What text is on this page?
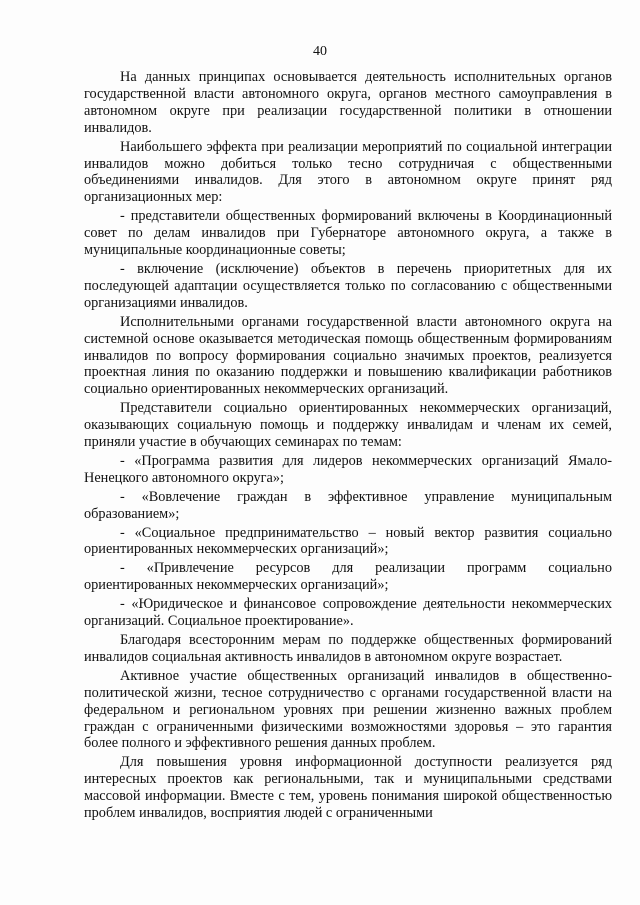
40

На данных принципах основывается деятельность исполнительных органов государственной власти автономного округа, органов местного самоуправления в автономном округе при реализации государственной политики в отношении инвалидов.

Наибольшего эффекта при реализации мероприятий по социальной интеграции инвалидов можно добиться только тесно сотрудничая с общественными объединениями инвалидов. Для этого в автономном округе принят ряд организационных мер:

- представители общественных формирований включены в Координационный совет по делам инвалидов при Губернаторе автономного округа, а также в муниципальные координационные советы;

- включение (исключение) объектов в перечень приоритетных для их последующей адаптации осуществляется только по согласованию с общественными организациями инвалидов.

Исполнительными органами государственной власти автономного округа на системной основе оказывается методическая помощь общественным формированиям инвалидов по вопросу формирования социально значимых проектов, реализуется проектная линия по оказанию поддержки и повышению квалификации работников социально ориентированных некоммерческих организаций.

Представители социально ориентированных некоммерческих организаций, оказывающих социальную помощь и поддержку инвалидам и членам их семей, приняли участие в обучающих семинарах по темам:

- «Программа развития для лидеров некоммерческих организаций Ямало-Ненецкого автономного округа»;

- «Вовлечение граждан в эффективное управление муниципальным образованием»;

- «Социальное предпринимательство – новый вектор развития социально ориентированных некоммерческих организаций»;

- «Привлечение ресурсов для реализации программ социально ориентированных некоммерческих организаций»;

- «Юридическое и финансовое сопровождение деятельности некоммерческих организаций. Социальное проектирование».

Благодаря всесторонним мерам по поддержке общественных формирований инвалидов социальная активность инвалидов в автономном округе возрастает.

Активное участие общественных организаций инвалидов в общественно-политической жизни, тесное сотрудничество с органами государственной власти на федеральном и региональном уровнях при решении жизненно важных проблем граждан с ограниченными физическими возможностями здоровья – это гарантия более полного и эффективного решения данных проблем.

Для повышения уровня информационной доступности реализуется ряд интересных проектов как региональными, так и муниципальными средствами массовой информации. Вместе с тем, уровень понимания широкой общественностью проблем инвалидов, восприятия людей с ограниченными
